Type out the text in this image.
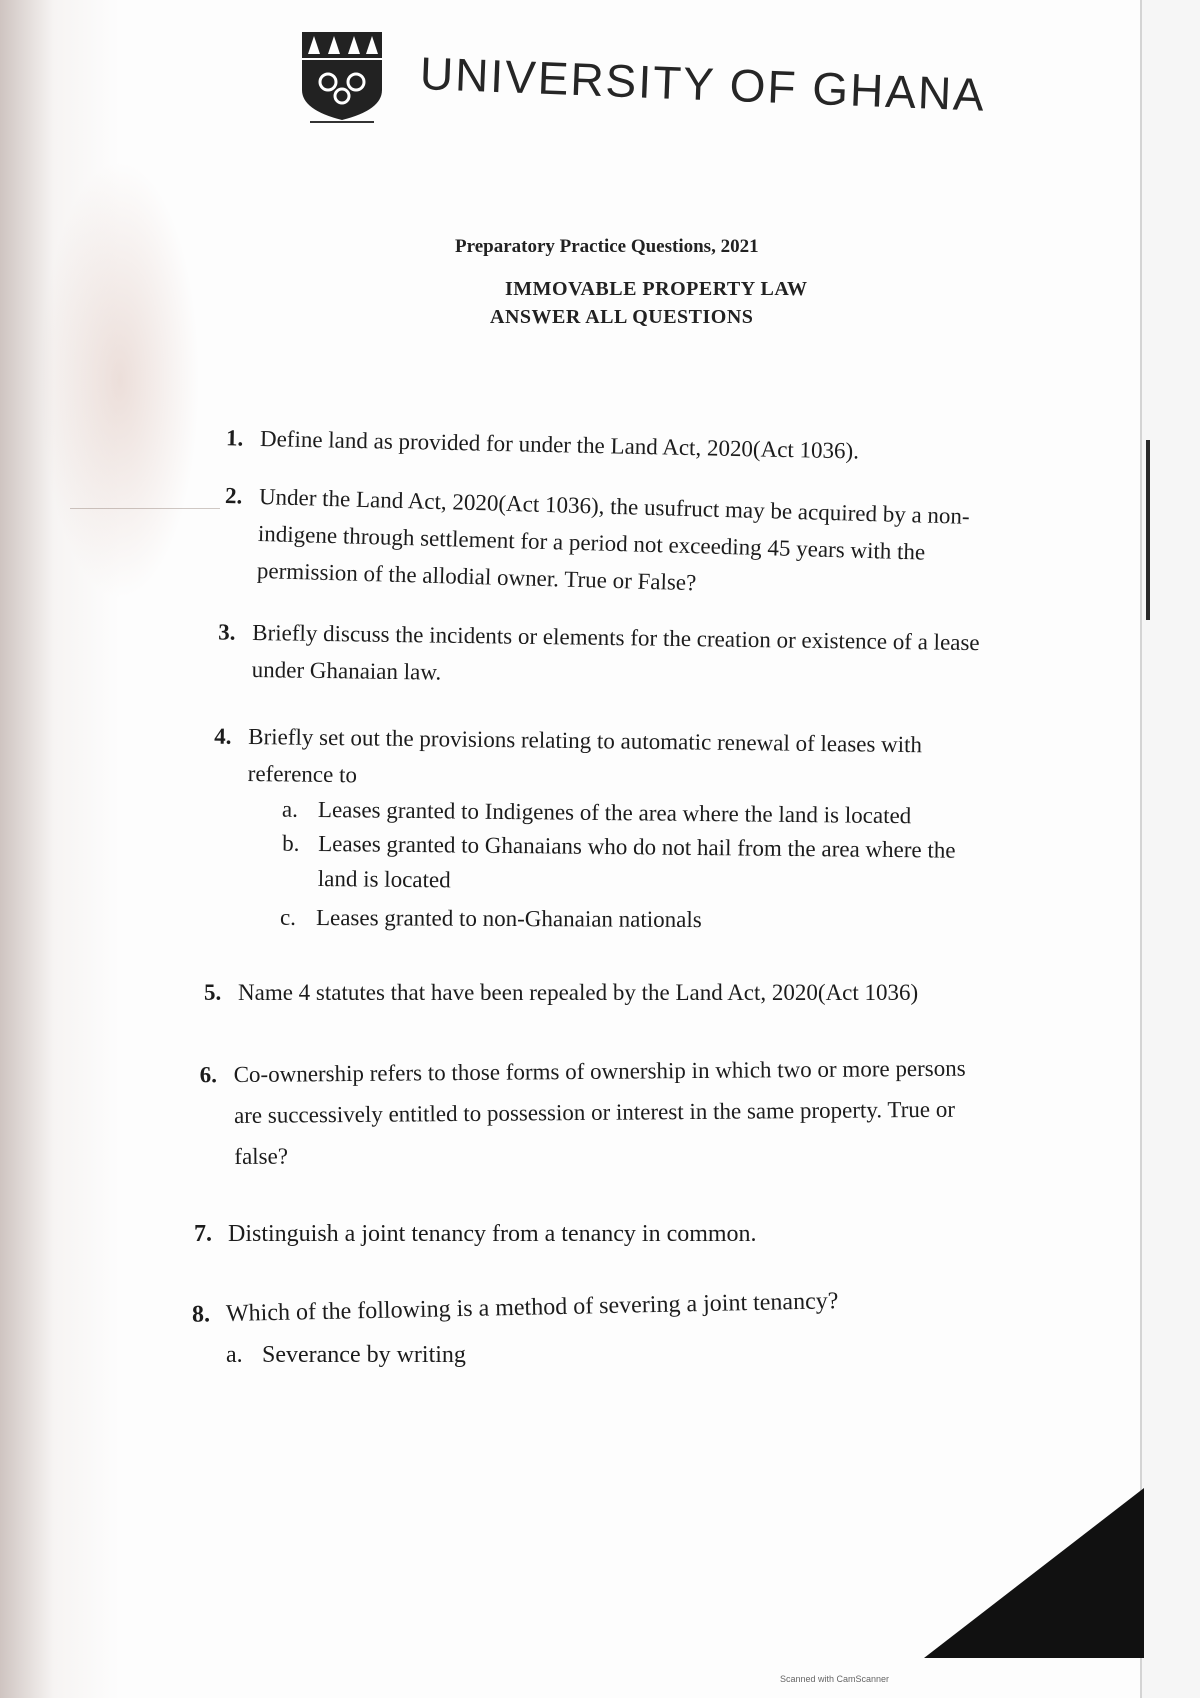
UNIVERSITY OF GHANA
Preparatory Practice Questions, 2021
IMMOVABLE PROPERTY LAW
ANSWER ALL QUESTIONS
1. Define land as provided for under the Land Act, 2020(Act 1036).
2. Under the Land Act, 2020(Act 1036), the usufruct may be acquired by a non-
indigene through settlement for a period not exceeding 45 years with the
permission of the allodial owner. True or False?
3. Briefly discuss the incidents or elements for the creation or existence of a lease
under Ghanaian law.
4. Briefly set out the provisions relating to automatic renewal of leases with
reference to
a. Leases granted to Indigenes of the area where the land is located
b. Leases granted to Ghanaians who do not hail from the area where the
land is located
c. Leases granted to non-Ghanaian nationals
5. Name 4 statutes that have been repealed by the Land Act, 2020(Act 1036)
6. Co-ownership refers to those forms of ownership in which two or more persons
are successively entitled to possession or interest in the same property. True or
false?
7. Distinguish a joint tenancy from a tenancy in common.
8. Which of the following is a method of severing a joint tenancy?
a. Severance by writing
Scanned with CamScanner
